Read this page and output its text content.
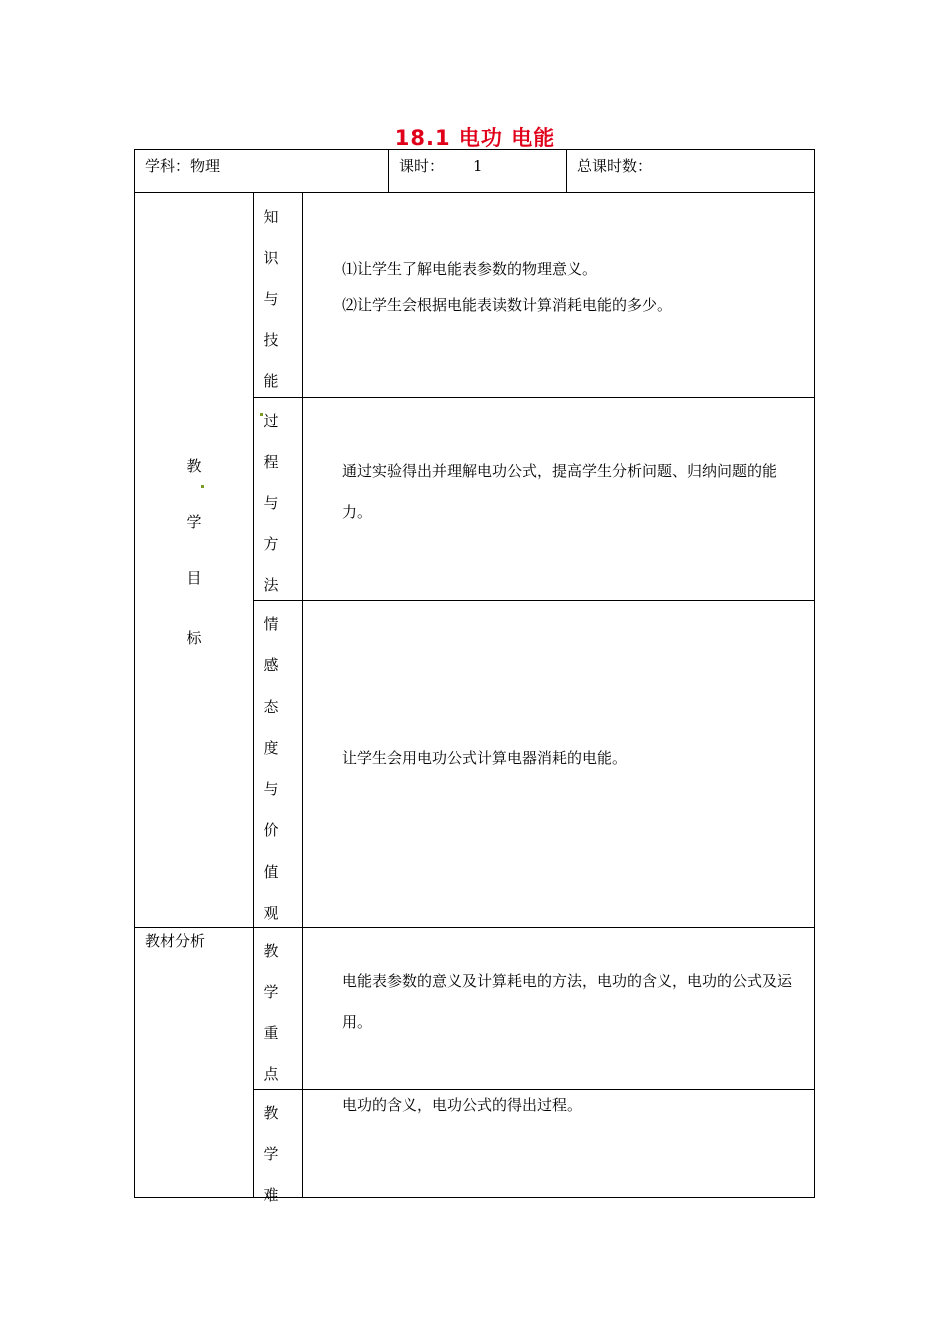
18.1 电功 电能
学科：物理	课时： 1	总课时数：
教
学
目
标
知
识
与
技
能

⑴让学生了解电能表参数的物理意义。

⑵让学生会根据电能表读数计算消耗电能的多少。

过
程
与
方
法
通过实验得出并理解电功公式，提高学生分析问题、归纳问题的能力。
情
感
态
度
与
价
值
观
让学生会用电功公式计算电器消耗的电能。
教材分析
教
学
重
点
电能表参数的意义及计算耗电的方法，电功的含义，电功的公式及运用。
教
学
难
电功的含义，电功公式的得出过程。
